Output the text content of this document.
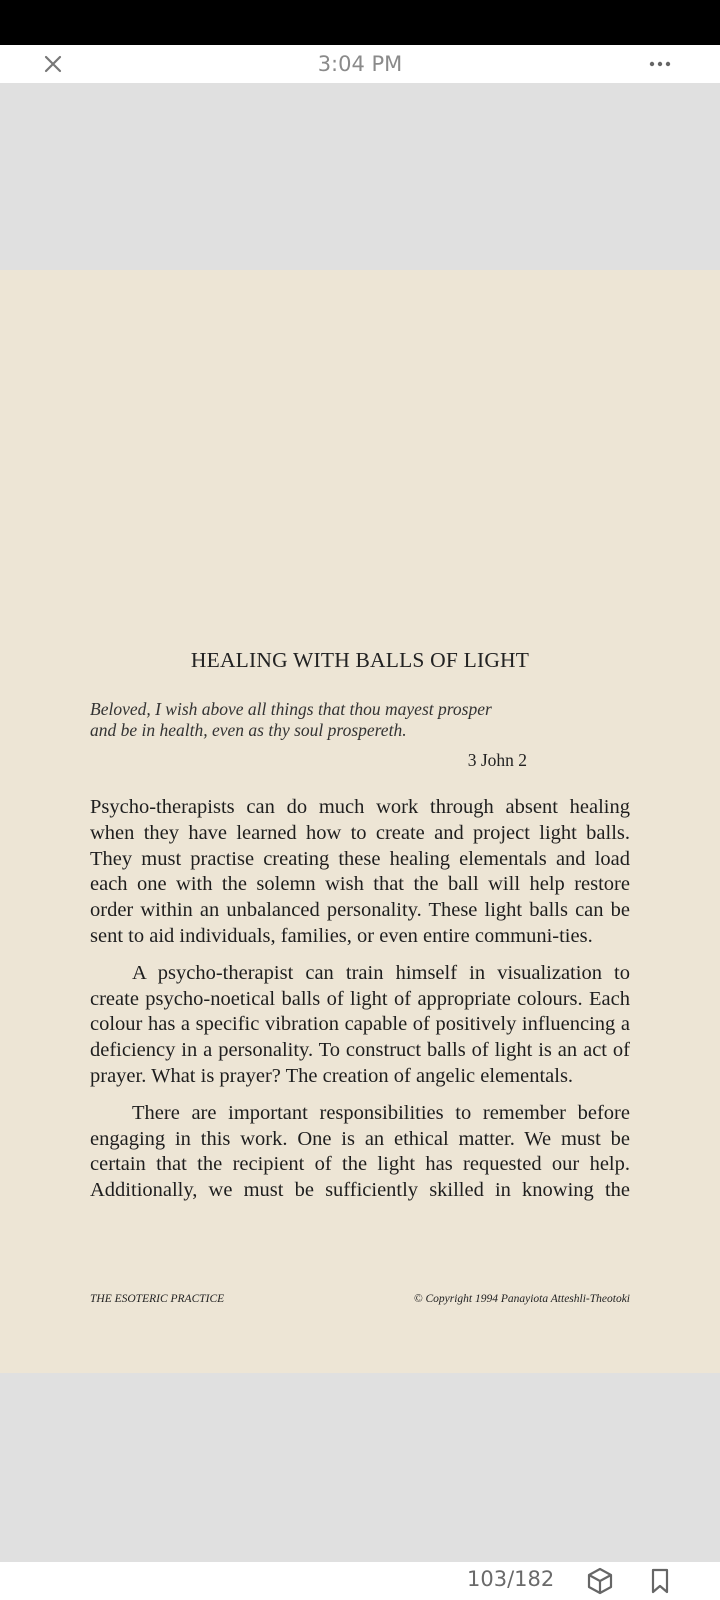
3:04 PM
HEALING WITH BALLS OF LIGHT
Beloved, I wish above all things that thou mayest prosper
and be in health, even as thy soul prospereth.
3 John 2

Psycho-therapists can do much work through absent healing when they have learned how to create and project light balls. They must practise creating these healing elementals and load each one with the solemn wish that the ball will help restore order within an unbalanced personality. These light balls can be sent to aid individuals, families, or even entire communi-ties.

A psycho-therapist can train himself in visualization to create psycho-noetical balls of light of appropriate colours. Each colour has a specific vibration capable of positively influencing a deficiency in a personality. To construct balls of light is an act of prayer. What is prayer? The creation of angelic elementals.

There are important responsibilities to remember before engaging in this work. One is an ethical matter. We must be certain that the recipient of the light has requested our help. Additionally, we must be sufficiently skilled in knowing the

THE ESOTERIC PRACTICE	© Copyright 1994 Panayiota Atteshli-Theotoki
103/182
